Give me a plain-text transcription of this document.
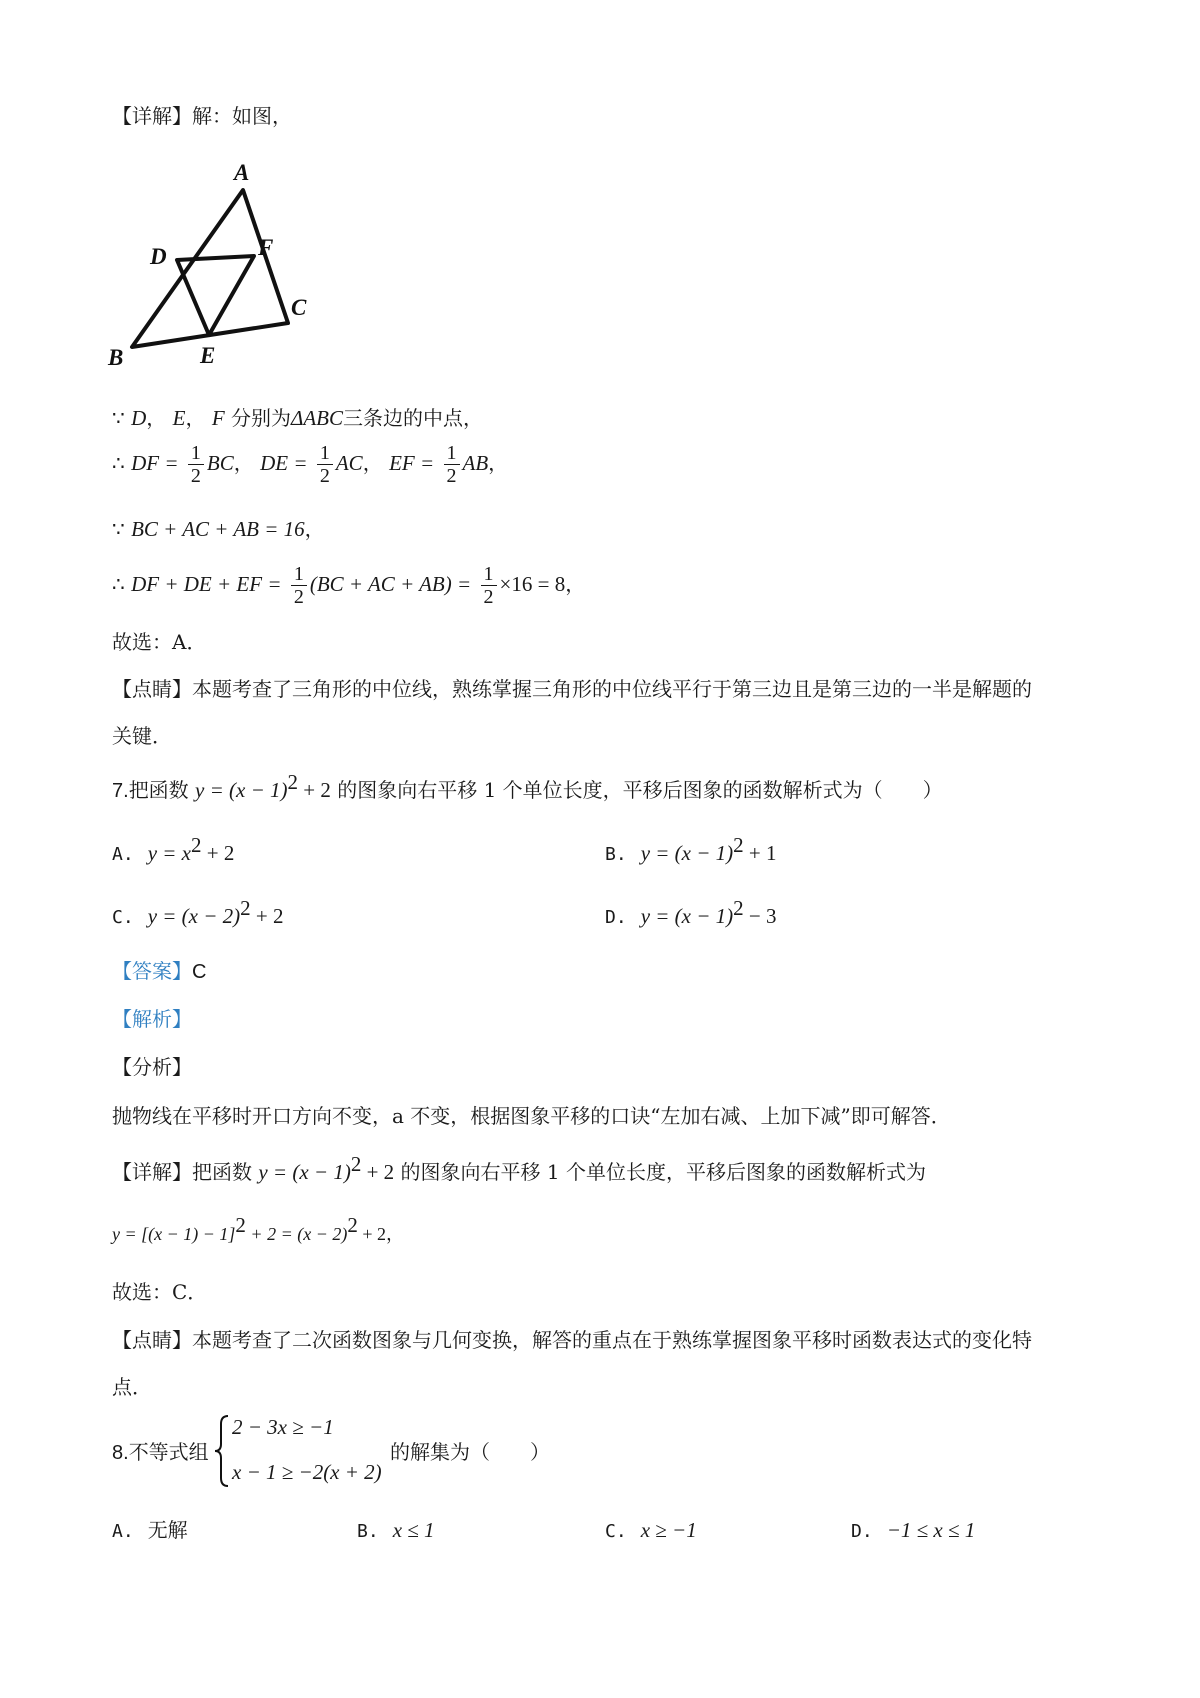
【详解】解：如图，
A
B
C
D
E
F
∵ D， E， F 分别为ΔABC三条边的中点，
∴ DF = $\frac{1}{2}$ BC， DE = $\frac{1}{2}$ AC， EF = $\frac{1}{2}$ AB，
∵ BC + AC + AB = 16，
∴ DF + DE + EF = $\frac{1}{2} (BC$ + AC + $AB) = \frac{1}{2} \times 16 = 8$，
故选：A．
【点睛】本题考查了三角形的中位线，熟练掌握三角形的中位线平行于第三边且是第三边的一半是解题的
关键．
7.把函数 $y = (x - 1)^2 + 2$ 的图象向右平移 1 个单位长度，平移后图象的函数解析式为（　　）
A. $y = x^2 + 2$	B. $y = (x - 1)^2 + 1$
C. $y = (x - 2)^2 + 2$	D. $y = (x - 1)^2 - 3$
【答案】C
【解析】
【分析】
抛物线在平移时开口方向不变，a 不变，根据图象平移的口诀“左加右减、上加下减”即可解答．
【详解】把函数 $y = (x - 1)^2 + 2$ 的图象向右平移 1 个单位长度，平移后图象的函数解析式为
$y = [(x - 1) - 1]^2 + 2 = (x - 2)^2 + 2$，
故选：C．
【点睛】本题考查了二次函数图象与几何变换，解答的重点在于熟练掌握图象平移时函数表达式的变化特
点．
8.不等式组
2 − 3x ≥ −1
x − 1 ≥ −2(x + 2)
的解集为（　　）
A. 无解	B. x ≤ 1	C. x ≥ −1	D. −1 ≤ x ≤ 1
